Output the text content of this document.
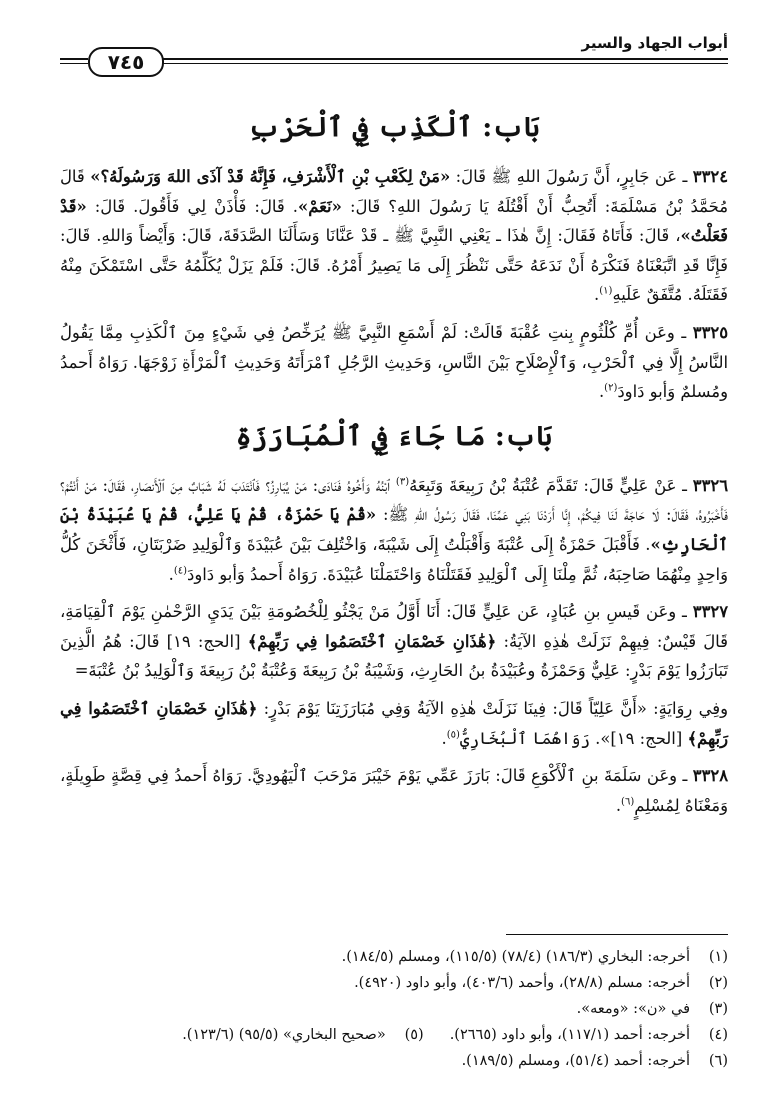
أبواب الجهاد والسير
٧٤٥
بَاب: ٱلْكَذِب فِي ٱلْحَرْبِ

٣٣٢٤ ـ عَن جَابِرٍ، أَنَّ رَسُولَ اللهِ ﷺ قَالَ: «مَنْ لِكَعْبِ بْنِ ٱلْأَشْرَفِ، فَإِنَّهُ قَدْ آذَى اللهَ وَرَسُولَهُ؟» قَالَ مُحَمَّدُ بْنُ مَسْلَمَةَ: أَتُحِبُّ أَنْ أَقْتُلَهُ يَا رَسُولَ اللهِ؟ قَالَ: «نَعَمْ». قَالَ: فَأْذَنْ لِي فَأَقُولَ. قَالَ: «قَدْ فَعَلْتُ»، قَالَ: فَأَتَاهُ فَقَالَ: إِنَّ هٰذَا ـ يَعْنِي النَّبِيَّ ﷺ ـ قَدْ عَنَّانَا وَسَأَلَنَا الصَّدَقَةَ، قَالَ: وَأَيْضاً وَاللهِ. قَالَ: فَإِنَّا قَدِ اتَّبَعْنَاهُ فَنَكْرَهُ أَنْ نَدَعَهُ حَتَّى نَنْظُرَ إِلَى مَا يَصِيرُ أَمْرُهُ. قَالَ: فَلَمْ يَزَلْ يُكَلِّمُهُ حَتَّى اسْتَمْكَنَ مِنْهُ فَقَتَلَهُ. مُتَّفَقٌ عَلَيهِ$^{(١)}$.

٣٣٢٥ ـ وعَن أُمِّ كُلْثُومٍ بِنتِ عُقْبَةَ قَالَتْ: لَمْ أَسْمَعِ النَّبِيَّ ﷺ يُرَخِّصُ فِي شَيْءٍ مِنَ ٱلْكَذِبِ مِمَّا يَقُولُ النَّاسُ إِلَّا فِي ٱلْحَرْبِ، وَٱلْإِصْلَاحِ بَيْنَ النَّاسِ، وَحَدِيثِ الرَّجُلِ ٱمْرَأَتَهُ وَحَدِيثِ ٱلْمَرْأَةِ زَوْجَهَا. رَوَاهُ أَحمدُ ومُسلمٌ وَأبو دَاودَ$^{(٢)}$.

بَاب: مَا جَاءَ فِي ٱلْمُبَارَزَةِ

٣٣٢٦ ـ عَنْ عَلِيٍّ قَالَ: تَقَدَّمَ عُتْبَةُ بْنُ رَبِيعَةَ وَتَبِعَهُ$^{(٣)}$ ٱبْنُهُ وَأَخُوهُ فَنَادَى: مَنْ يُبَارِزُ؟ فَٱنْتَدَبَ لَهُ شَبَابٌ مِنَ ٱلْأَنصَارِ، فَقَالَ: مَنْ أَنْتُمْ؟ فَأَخْبَرُوهُ، فَقَالَ: لَا حَاجَةَ لَنَا فِيكُمْ، إِنَّا أَرَدْنَا بَنِي عَمِّنَا، فَقَالَ رَسُولُ اللهِ ﷺ: «قُمْ يَا حَمْزَةُ، قُمْ يَا عَلِيُّ، قُمْ يَا عُبَيْدَةُ بْنَ ٱلْحَارِثِ». فَأَقْبَلَ حَمْزَةُ إِلَى عُتْبَةَ وَأَقْبَلْتُ إِلَى شَيْبَةَ، وَاخْتُلِفَ بَيْنَ عُبَيْدَةَ وَٱلْوَلِيدِ ضَرْبَتَانِ، فَأَثْخَنَ كُلُّ وَاحِدٍ مِنْهُمَا صَاحِبَهُ، ثُمَّ مِلْنَا إِلَى ٱلْوَلِيدِ فَقَتَلْنَاهُ وَاحْتَمَلْنَا عُبَيْدَةَ. رَوَاهُ أَحمدُ وَأبو دَاودَ$^{(٤)}$.

٣٣٢٧ ـ وعَن قَيسِ بنِ عُبَادٍ، عَن عَلِيٍّ قَالَ: أَنَا أَوَّلُ مَنْ يَجْثُو لِلْخُصُومَةِ بَيْنَ يَدَيِ الرَّحْمٰنِ يَوْمَ ٱلْقِيَامَةِ، قَالَ قَيْسٌ: فِيهِمْ نَزَلَتْ هٰذِهِ الآيَةُ: ﴿هَٰذَانِ خَصْمَانِ ٱخْتَصَمُوا فِي رَبِّهِمْ﴾ [الحج: ١٩] قَالَ: هُمُ الَّذِينَ تَبَارَزُوا يَوْمَ بَدْرٍ: عَلِيٌّ وَحَمْزَةُ وعُبَيْدَةُ بنُ الحَارِثِ، وَشَيْبَةُ بْنُ رَبِيعَةَ وَعُتْبَةُ بْنُ رَبِيعَةَ وَٱلْوَلِيدُ بْنُ عُتْبَةَ=

وفِي رِوَايَةٍ: «أَنَّ عَلِيّاً قَالَ: فِينَا نَزَلَتْ هٰذِهِ الآيَةُ وَفِي مُبَارَزَتِنَا يَوْمَ بَدْرٍ: ﴿هَٰذَانِ خَصْمَانِ ٱخْتَصَمُوا فِي رَبِّهِمْ﴾ [الحج: ١٩]». رَوَاهُمَا ٱلْبُخَارِيُّ$^{(٥)}$.

٣٣٢٨ ـ وعَن سَلَمَةَ بنِ ٱلْأَكْوَعِ قَالَ: بَارَزَ عَمِّي يَوْمَ خَيْبَرَ مَرْحَبَ ٱلْيَهُودِيَّ. رَوَاهُ أَحمدُ فِي قِصَّةٍ طَوِيلَةٍ، وَمَعْنَاهُ لِمُسْلِمٍ$^{(٦)}$.

(١)أخرجه: البخاري (١٨٦/٣) (٧٨/٤) (١١٥/٥)، ومسلم (١٨٤/٥).

(٢)أخرجه: مسلم (٢٨/٨)، وأحمد (٤٠٣/٦)، وأبو داود (٤٩٢٠).

(٣)في «ن»: «ومعه».

(٤)أخرجه: أحمد (١١٧/١)، وأبو داود (٢٦٦٥).(٥)«صحيح البخاري» (٩٥/٥) (١٢٣/٦).

(٦)أخرجه: أحمد (٥١/٤)، ومسلم (١٨٩/٥).
